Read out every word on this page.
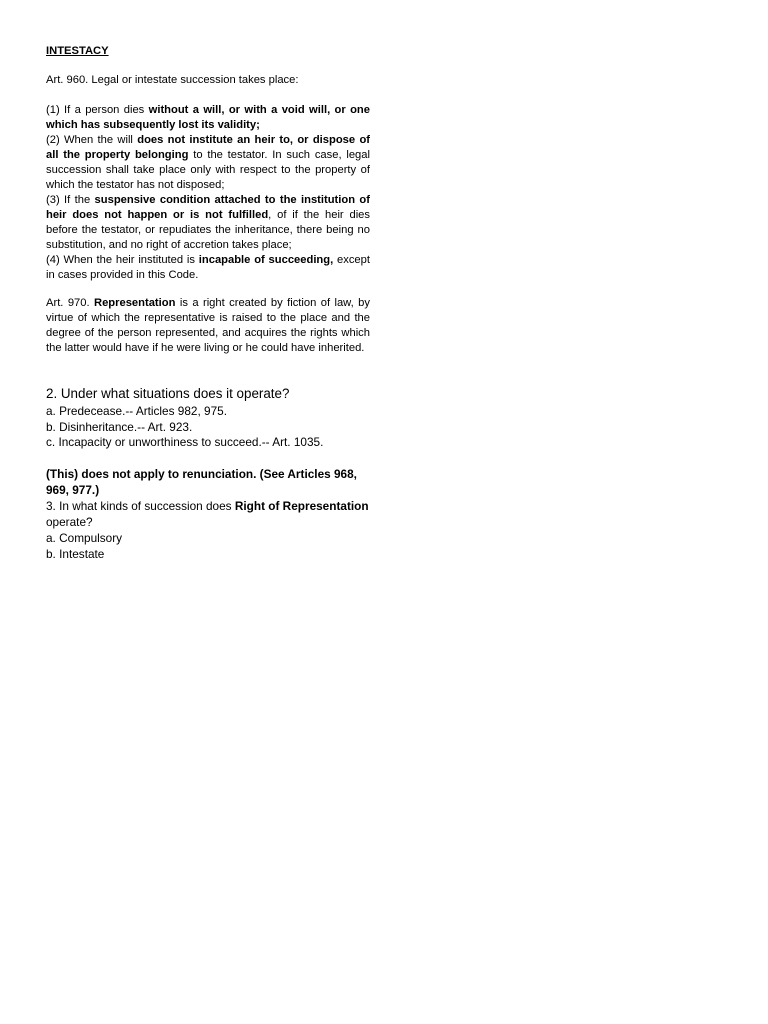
INTESTACY
Art. 960. Legal or intestate succession takes place:
(1) If a person dies without a will, or with a void will, or one which has subsequently lost its validity;
(2) When the will does not institute an heir to, or dispose of all the property belonging to the testator. In such case, legal succession shall take place only with respect to the property of which the testator has not disposed;
(3) If the suspensive condition attached to the institution of heir does not happen or is not fulfilled, of if the heir dies before the testator, or repudiates the inheritance, there being no substitution, and no right of accretion takes place;
(4) When the heir instituted is incapable of succeeding, except in cases provided in this Code.
Art. 970. Representation is a right created by fiction of law, by virtue of which the representative is raised to the place and the degree of the person represented, and acquires the rights which the latter would have if he were living or he could have inherited.
2. Under what situations does it operate?
a. Predecease.-- Articles 982, 975.
b. Disinheritance.-- Art. 923.
c. Incapacity or unworthiness to succeed.-- Art. 1035.
(This) does not apply to renunciation. (See Articles 968, 969, 977.)
3. In what kinds of succession does Right of Representation operate?
a. Compulsory
b. Intestate
